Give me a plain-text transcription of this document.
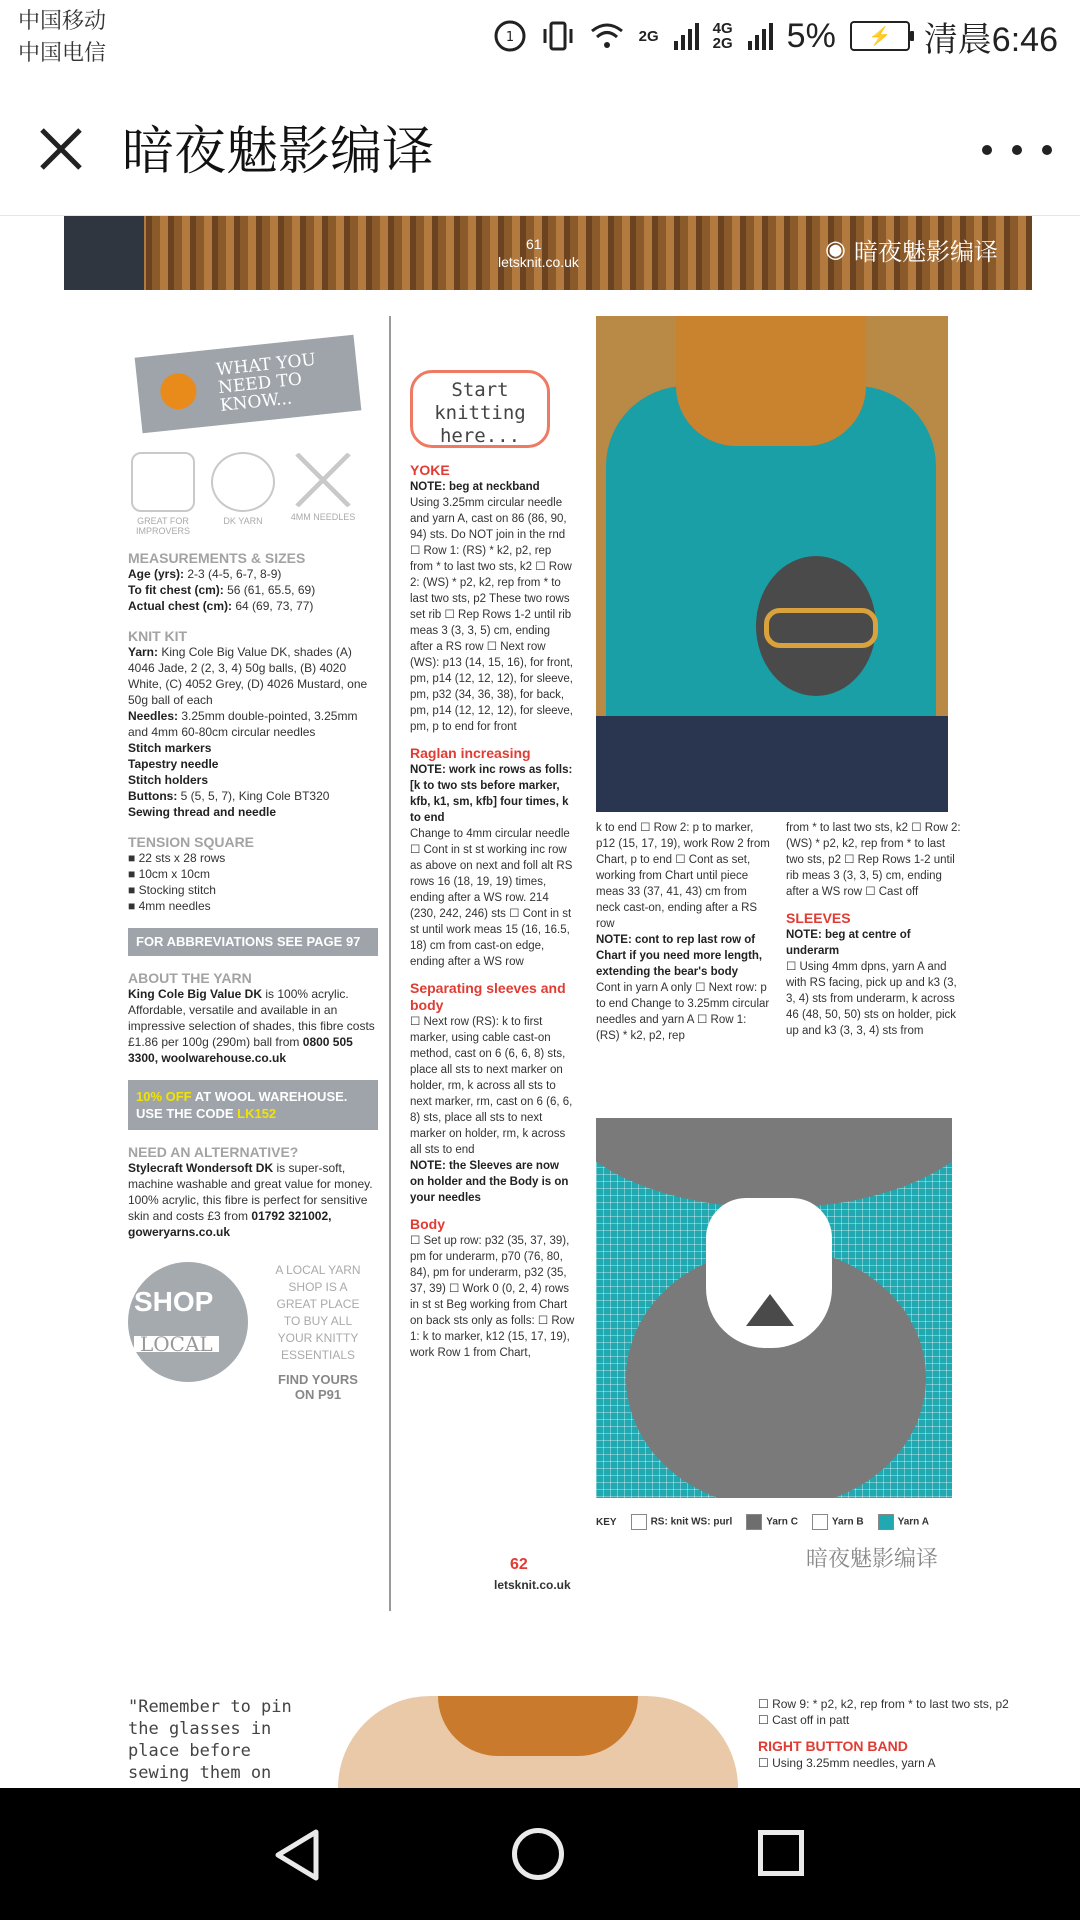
中国移动
中国电信
1	2G	4G
2G 5%	⚡ 清晨6:46
暗夜魅影编译
61
letsknit.co.uk	◉ 暗夜魅影编译
WHAT YOU NEED TO KNOW...
GREAT FOR IMPROVERS
DK YARN	4MM NEEDLES
MEASUREMENTS & SIZES
Age (yrs): 2-3 (4-5, 6-7, 8-9)
To fit chest (cm): 56 (61, 65.5, 69)
Actual chest (cm): 64 (69, 73, 77)
KNIT KIT
Yarn: King Cole Big Value DK, shades (A) 4046 Jade, 2 (2, 3, 4) 50g balls, (B) 4020 White, (C) 4052 Grey, (D) 4026 Mustard, one 50g ball of each
Needles: 3.25mm double-pointed, 3.25mm and 4mm 60-80cm circular needles
Stitch markers
Tapestry needle
Stitch holders
Buttons: 5 (5, 5, 7), King Cole BT320
Sewing thread and needle
TENSION SQUARE
■ 22 sts x 28 rows
■ 10cm x 10cm
■ Stocking stitch
■ 4mm needles
FOR ABBREVIATIONS SEE PAGE 97
ABOUT THE YARN
King Cole Big Value DK is 100% acrylic. Affordable, versatile and available in an impressive selection of shades, this fibre costs £1.86 per 100g (290m) ball from 0800 505 3300, woolwarehouse.co.uk
10% OFF AT WOOL WAREHOUSE. USE THE CODE LK152
NEED AN ALTERNATIVE?
Stylecraft Wondersoft DK is super-soft, machine washable and great value for money. 100% acrylic, this fibre is perfect for sensitive skin and costs £3 from 01792 321002, goweryarns.co.uk
SHOP
LOCAL
A LOCAL YARN SHOP IS A GREAT PLACE TO BUY ALL YOUR KNITTY ESSENTIALS
FIND YOURS ON P91
Start knitting here...
YOKE
NOTE: beg at neckband
Using 3.25mm circular needle and yarn A, cast on 86 (86, 90, 94) sts. Do NOT join in the rnd ☐ Row 1: (RS) * k2, p2, rep from * to last two sts, k2 ☐ Row 2: (WS) * p2, k2, rep from * to last two sts, p2 These two rows set rib ☐ Rep Rows 1-2 until rib meas 3 (3, 3, 5) cm, ending after a RS row ☐ Next row (WS): p13 (14, 15, 16), for front, pm, p14 (12, 12, 12), for sleeve, pm, p32 (34, 36, 38), for back, pm, p14 (12, 12, 12), for sleeve, pm, p to end for front
Raglan increasing
NOTE: work inc rows as folls: [k to two sts before marker, kfb, k1, sm, kfb] four times, k to end
Change to 4mm circular needle ☐ Cont in st st working inc row as above on next and foll alt RS rows 16 (18, 19, 19) times, ending after a WS row. 214 (230, 242, 246) sts ☐ Cont in st st until work meas 15 (16, 16.5, 18) cm from cast-on edge, ending after a WS row
Separating sleeves and body
☐ Next row (RS): k to first marker, using cable cast-on method, cast on 6 (6, 6, 8) sts, place all sts to next marker on holder, rm, k across all sts to next marker, rm, cast on 6 (6, 6, 8) sts, place all sts to next marker on holder, rm, k across all sts to end
NOTE: the Sleeves are now on holder and the Body is on your needles
Body
☐ Set up row: p32 (35, 37, 39), pm for underarm, p70 (76, 80, 84), pm for underarm, p32 (35, 37, 39) ☐ Work 0 (0, 2, 4) rows in st st Beg working from Chart on back sts only as folls: ☐ Row 1: k to marker, k12 (15, 17, 19), work Row 1 from Chart,
62
letsknit.co.uk
k to end ☐ Row 2: p to marker, p12 (15, 17, 19), work Row 2 from Chart, p to end ☐ Cont as set, working from Chart until piece meas 33 (37, 41, 43) cm from neck cast-on, ending after a RS row
NOTE: cont to rep last row of Chart if you need more length, extending the bear's body
Cont in yarn A only ☐ Next row: p to end Change to 3.25mm circular needles and yarn A ☐ Row 1: (RS) * k2, p2, rep
from * to last two sts, k2 ☐ Row 2: (WS) * p2, k2, rep from * to last two sts, p2 ☐ Rep Rows 1-2 until rib meas 3 (3, 3, 5) cm, ending after a WS row ☐ Cast off
SLEEVES
NOTE: beg at centre of underarm
☐ Using 4mm dpns, yarn A and with RS facing, pick up and k3 (3, 3, 4) sts from underarm, k across 46 (48, 50, 50) sts on holder, pick up and k3 (3, 3, 4) sts from
KEY	RS: knit WS: purl	Yarn C	Yarn B	Yarn A
暗夜魅影编译
"Remember to pin the glasses in place before sewing them on
☐ Row 9: * p2, k2, rep from * to last two sts, p2
☐ Cast off in patt
RIGHT BUTTON BAND
☐ Using 3.25mm needles, yarn A
